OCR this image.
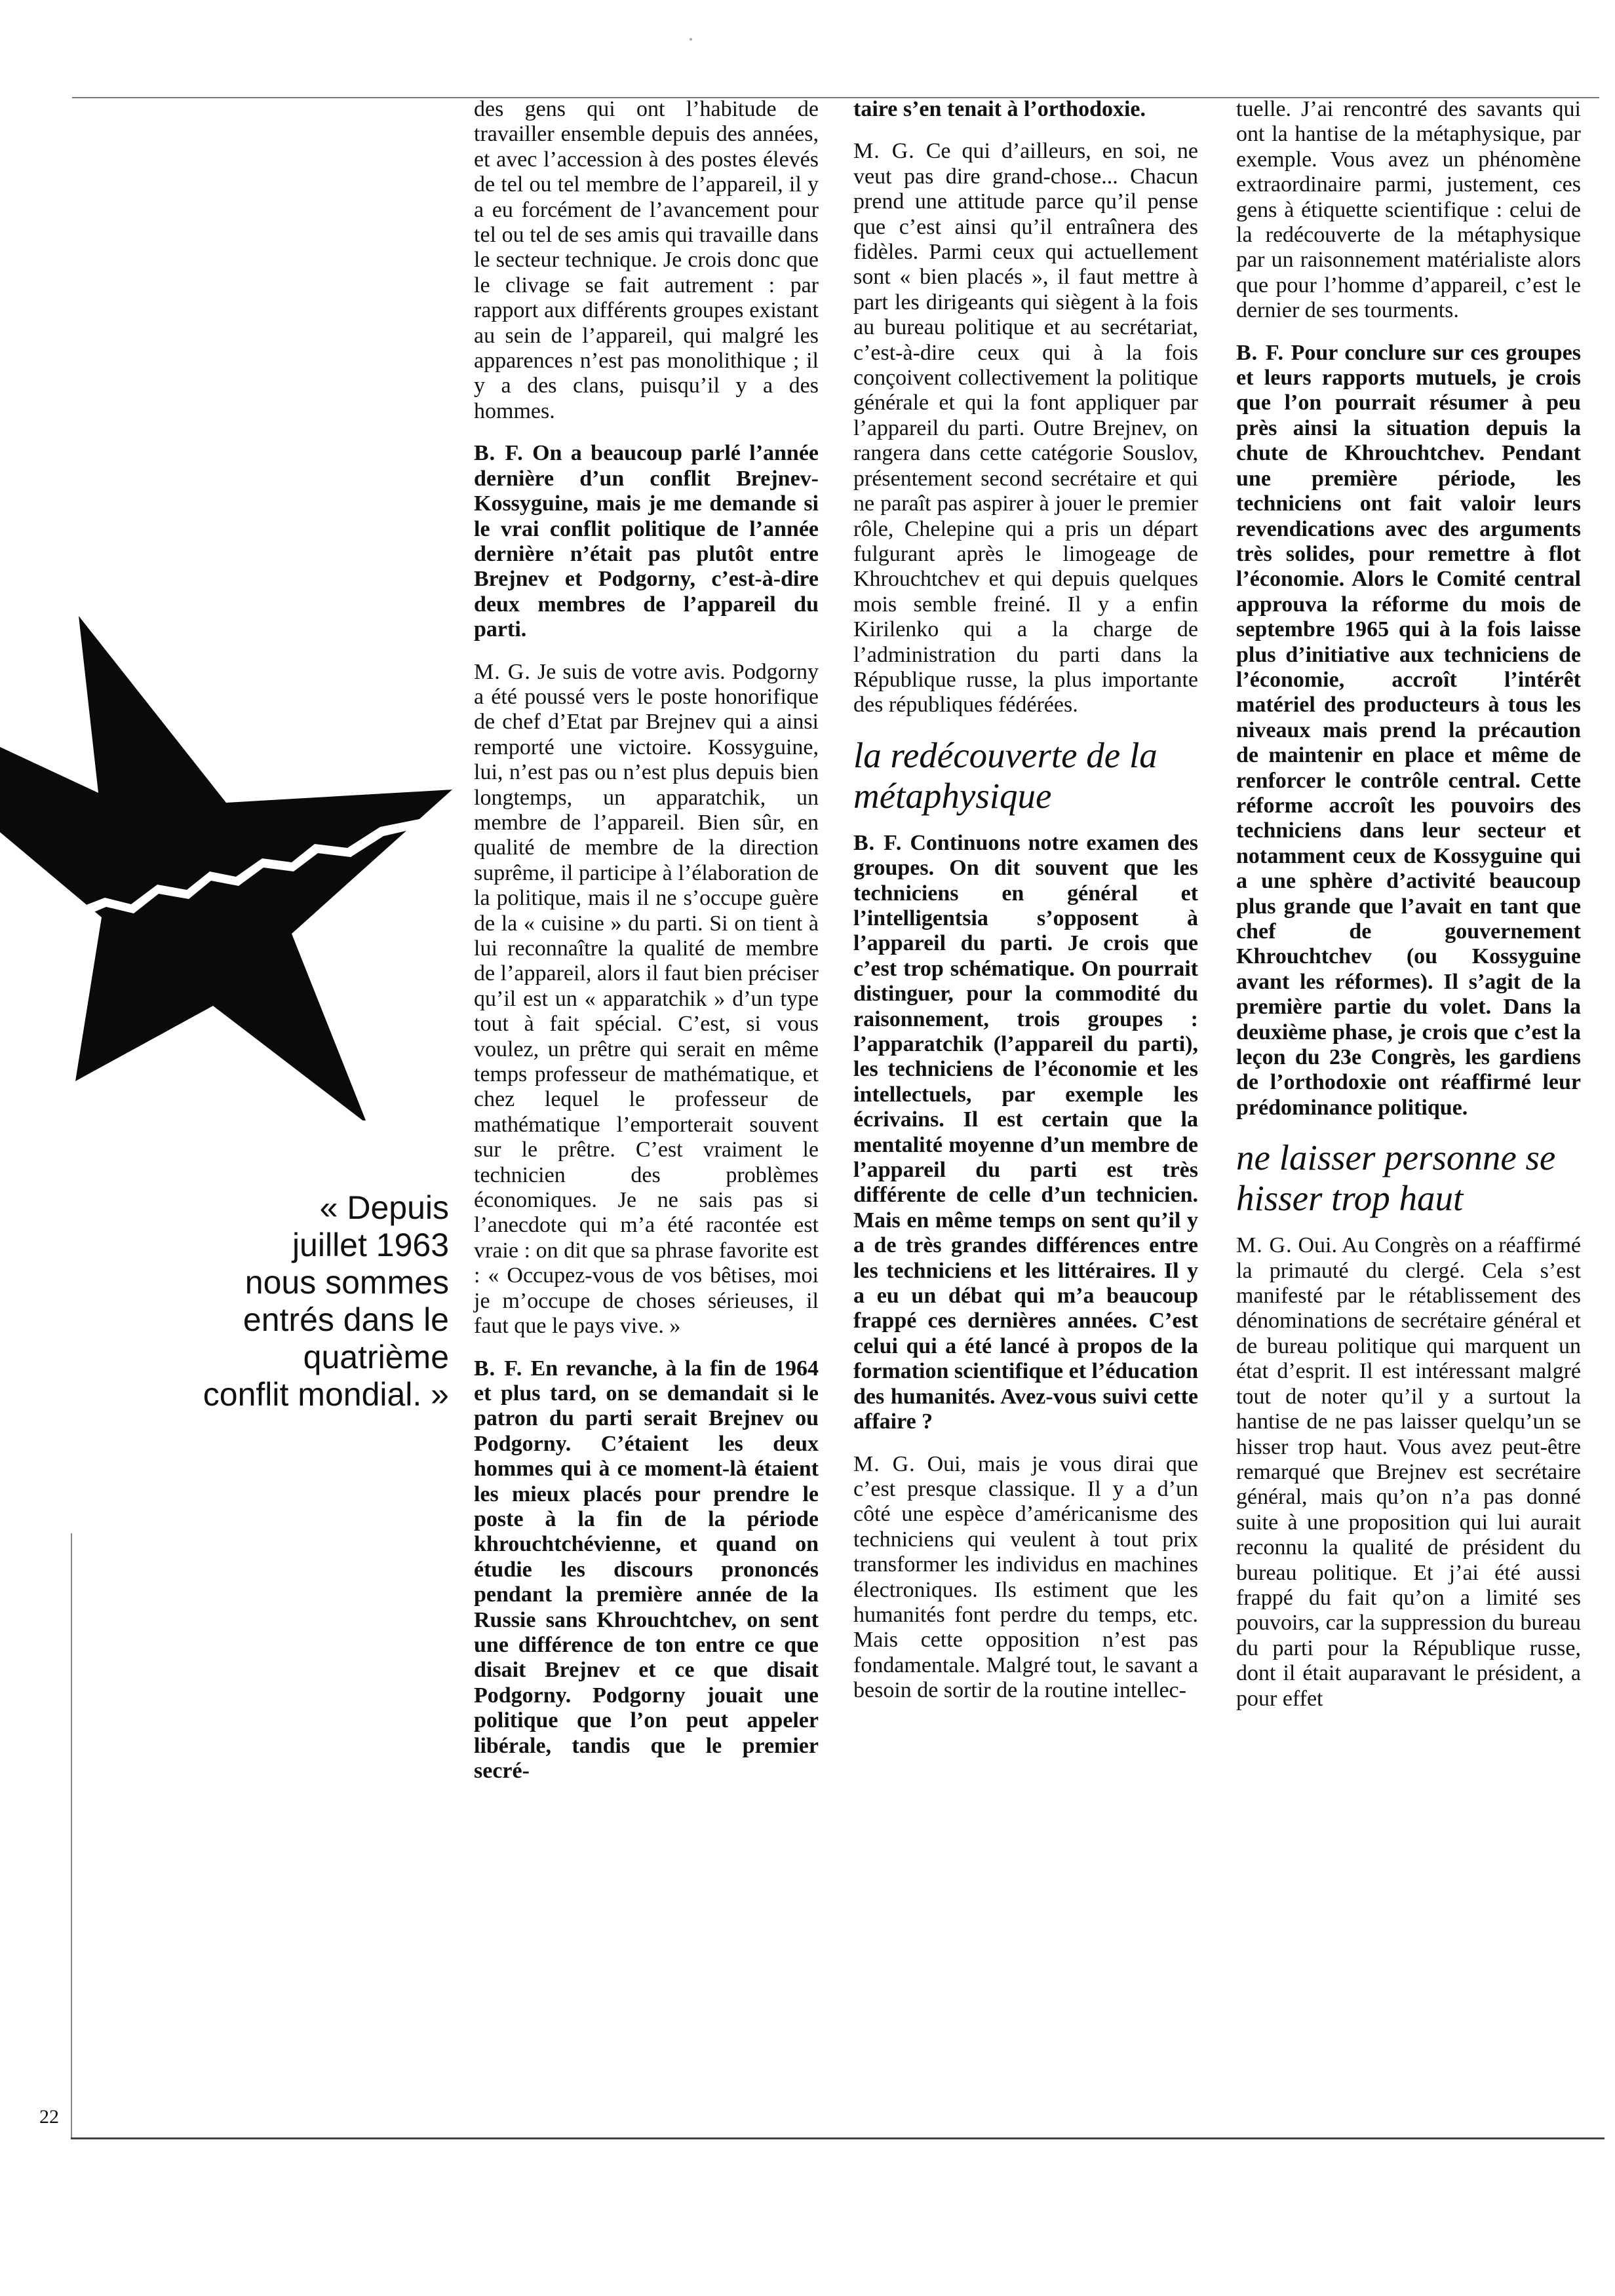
« Depuis
juillet 1963
nous sommes
entrés dans le
quatrième
conflit mondial. »

des gens qui ont l’habitude de travailler ensemble depuis des années, et avec l’accession à des postes élevés de tel ou tel membre de l’appareil, il y a eu forcément de l’avancement pour tel ou tel de ses amis qui travaille dans le secteur technique. Je crois donc que le clivage se fait autrement : par rapport aux différents groupes existant au sein de l’appareil, qui malgré les apparences n’est pas monolithique ; il y a des clans, puisqu’il y a des hommes.

B. F. On a beaucoup parlé l’année dernière d’un conflit Brejnev-Kossyguine, mais je me demande si le vrai conflit politique de l’année dernière n’était pas plutôt entre Brejnev et Podgorny, c’est-à-dire deux membres de l’appareil du parti.

M. G. Je suis de votre avis. Podgorny a été poussé vers le poste honorifique de chef d’Etat par Brejnev qui a ainsi remporté une victoire. Kossyguine, lui, n’est pas ou n’est plus depuis bien longtemps, un apparatchik, un membre de l’appareil. Bien sûr, en qualité de membre de la direction suprême, il participe à l’élaboration de la politique, mais il ne s’occupe guère de la « cuisine » du parti. Si on tient à lui reconnaître la qualité de membre de l’appareil, alors il faut bien préciser qu’il est un « apparatchik » d’un type tout à fait spécial. C’est, si vous voulez, un prêtre qui serait en même temps professeur de mathématique, et chez lequel le professeur de mathématique l’emporterait souvent sur le prêtre. C’est vraiment le technicien des problèmes économiques. Je ne sais pas si l’anecdote qui m’a été racontée est vraie : on dit que sa phrase favorite est : « Occupez-vous de vos bêtises, moi je m’occupe de choses sérieuses, il faut que le pays vive. »

B. F. En revanche, à la fin de 1964 et plus tard, on se demandait si le patron du parti serait Brejnev ou Podgorny. C’étaient les deux hommes qui à ce moment-là étaient les mieux placés pour prendre le poste à la fin de la période khrouchtchévienne, et quand on étudie les discours prononcés pendant la première année de la Russie sans Khrouchtchev, on sent une différence de ton entre ce que disait Brejnev et ce que disait Podgorny. Podgorny jouait une politique que l’on peut appeler libérale, tandis que le premier secré-

taire s’en tenait à l’orthodoxie.

M. G. Ce qui d’ailleurs, en soi, ne veut pas dire grand-chose... Chacun prend une attitude parce qu’il pense que c’est ainsi qu’il entraînera des fidèles. Parmi ceux qui actuellement sont « bien placés », il faut mettre à part les dirigeants qui siègent à la fois au bureau politique et au secrétariat, c’est-à-dire ceux qui à la fois conçoivent collectivement la politique générale et qui la font appliquer par l’appareil du parti. Outre Brejnev, on rangera dans cette catégorie Souslov, présentement second secrétaire et qui ne paraît pas aspirer à jouer le premier rôle, Chelepine qui a pris un départ fulgurant après le limogeage de Khrouchtchev et qui depuis quelques mois semble freiné. Il y a enfin Kirilenko qui a la charge de l’administration du parti dans la République russe, la plus importante des républiques fédérées.

la redécouverte de la métaphysique

B. F. Continuons notre examen des groupes. On dit souvent que les techniciens en général et l’intelligentsia s’opposent à l’appareil du parti. Je crois que c’est trop schématique. On pourrait distinguer, pour la commodité du raisonnement, trois groupes : l’apparatchik (l’appareil du parti), les techniciens de l’économie et les intellectuels, par exemple les écrivains. Il est certain que la mentalité moyenne d’un membre de l’appareil du parti est très différente de celle d’un technicien. Mais en même temps on sent qu’il y a de très grandes différences entre les techniciens et les littéraires. Il y a eu un débat qui m’a beaucoup frappé ces dernières années. C’est celui qui a été lancé à propos de la formation scientifique et l’éducation des humanités. Avez-vous suivi cette affaire ?

M. G. Oui, mais je vous dirai que c’est presque classique. Il y a d’un côté une espèce d’américanisme des techniciens qui veulent à tout prix transformer les individus en machines électroniques. Ils estiment que les humanités font perdre du temps, etc. Mais cette opposition n’est pas fondamentale. Malgré tout, le savant a besoin de sortir de la routine intellec-

tuelle. J’ai rencontré des savants qui ont la hantise de la métaphysique, par exemple. Vous avez un phénomène extraordinaire parmi, justement, ces gens à étiquette scientifique : celui de la redécouverte de la métaphysique par un raisonnement matérialiste alors que pour l’homme d’appareil, c’est le dernier de ses tourments.

B. F. Pour conclure sur ces groupes et leurs rapports mutuels, je crois que l’on pourrait résumer à peu près ainsi la situation depuis la chute de Khrouchtchev. Pendant une première période, les techniciens ont fait valoir leurs revendications avec des arguments très solides, pour remettre à flot l’économie. Alors le Comité central approuva la réforme du mois de septembre 1965 qui à la fois laisse plus d’initiative aux techniciens de l’économie, accroît l’intérêt matériel des producteurs à tous les niveaux mais prend la précaution de maintenir en place et même de renforcer le contrôle central. Cette réforme accroît les pouvoirs des techniciens dans leur secteur et notamment ceux de Kossyguine qui a une sphère d’activité beaucoup plus grande que l’avait en tant que chef de gouvernement Khrouchtchev (ou Kossyguine avant les réformes). Il s’agit de la première partie du volet. Dans la deuxième phase, je crois que c’est la leçon du 23e Congrès, les gardiens de l’orthodoxie ont réaffirmé leur prédominance politique.

ne laisser personne se hisser trop haut

M. G. Oui. Au Congrès on a réaffirmé la primauté du clergé. Cela s’est manifesté par le rétablissement des dénominations de secrétaire général et de bureau politique qui marquent un état d’esprit. Il est intéressant malgré tout de noter qu’il y a surtout la hantise de ne pas laisser quelqu’un se hisser trop haut. Vous avez peut-être remarqué que Brejnev est secrétaire général, mais qu’on n’a pas donné suite à une proposition qui lui aurait reconnu la qualité de président du bureau politique. Et j’ai été aussi frappé du fait qu’on a limité ses pouvoirs, car la suppression du bureau du parti pour la République russe, dont il était auparavant le président, a pour effet

22
